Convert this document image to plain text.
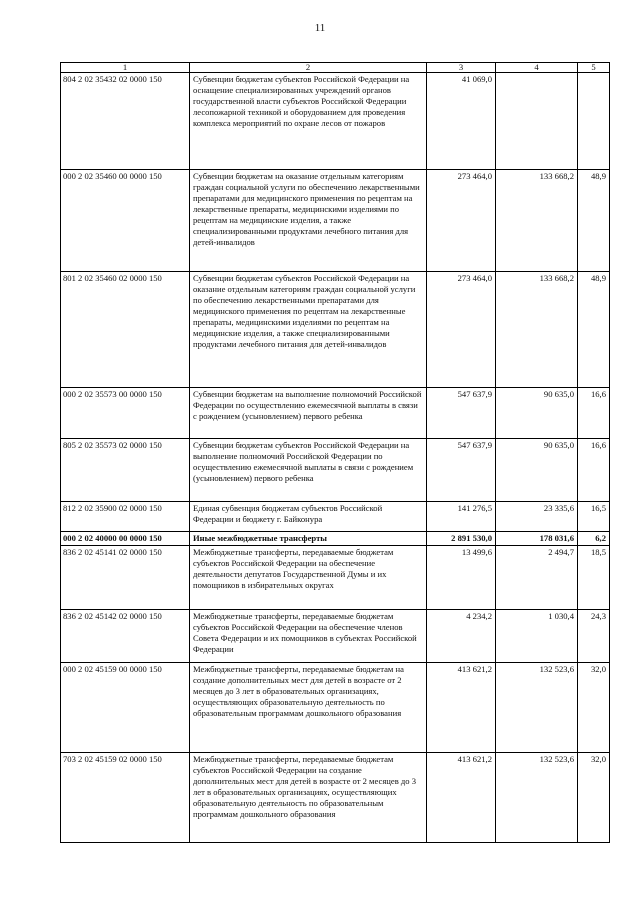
11
1	2	3	4	5
804 2 02 35432 02 0000 150	Субвенции бюджетам субъектов Российской Федерации на оснащение специализированных учреждений органов государственной власти субъектов Российской Федерации лесопожарной техникой и оборудованием для проведения комплекса мероприятий по охране лесов от пожаров	41 069,0		
000 2 02 35460 00 0000 150	Субвенции бюджетам на оказание отдельным категориям граждан социальной услуги по обеспечению лекарственными препаратами для медицинского применения по рецептам на лекарственные препараты, медицинскими изделиями по рецептам на медицинские изделия, а также специализированными продуктами лечебного питания для детей-инвалидов	273 464,0	133 668,2	48,9
801 2 02 35460 02 0000 150	Субвенции бюджетам субъектов Российской Федерации на оказание отдельным категориям граждан социальной услуги по обеспечению лекарственными препаратами для медицинского применения по рецептам на лекарственные препараты, медицинскими изделиями по рецептам на медицинские изделия, а также специализированными продуктами лечебного питания для детей-инвалидов	273 464,0	133 668,2	48,9
000 2 02 35573 00 0000 150	Субвенции бюджетам на выполнение полномочий Российской Федерации по осуществлению ежемесячной выплаты в связи с рождением (усыновлением) первого ребенка	547 637,9	90 635,0	16,6
805 2 02 35573 02 0000 150	Субвенции бюджетам субъектов Российской Федерации на выполнение полномочий Российской Федерации по осуществлению ежемесячной выплаты в связи с рождением (усыновлением) первого ребенка	547 637,9	90 635,0	16,6
812 2 02 35900 02 0000 150	Единая субвенция бюджетам субъектов Российской Федерации и бюджету г. Байконура	141 276,5	23 335,6	16,5
000 2 02 40000 00 0000 150	Иные межбюджетные трансферты	2 891 530,0	178 031,6	6,2
836 2 02 45141 02 0000 150	Межбюджетные трансферты, передаваемые бюджетам субъектов Российской Федерации на обеспечение деятельности депутатов Государственной Думы и их помощников в избирательных округах	13 499,6	2 494,7	18,5
836 2 02 45142 02 0000 150	Межбюджетные трансферты, передаваемые бюджетам субъектов Российской Федерации на обеспечение членов Совета Федерации и их помощников в субъектах Российской Федерации	4 234,2	1 030,4	24,3
000 2 02 45159 00 0000 150	Межбюджетные трансферты, передаваемые бюджетам на создание дополнительных мест для детей в возрасте от 2 месяцев до 3 лет в образовательных организациях, осуществляющих образовательную деятельность по образовательным программам дошкольного образования	413 621,2	132 523,6	32,0
703 2 02 45159 02 0000 150	Межбюджетные трансферты, передаваемые бюджетам субъектов Российской Федерации на создание дополнительных мест для детей в возрасте от 2 месяцев до 3 лет в образовательных организациях, осуществляющих образовательную деятельность по образовательным программам дошкольного образования	413 621,2	132 523,6	32,0
